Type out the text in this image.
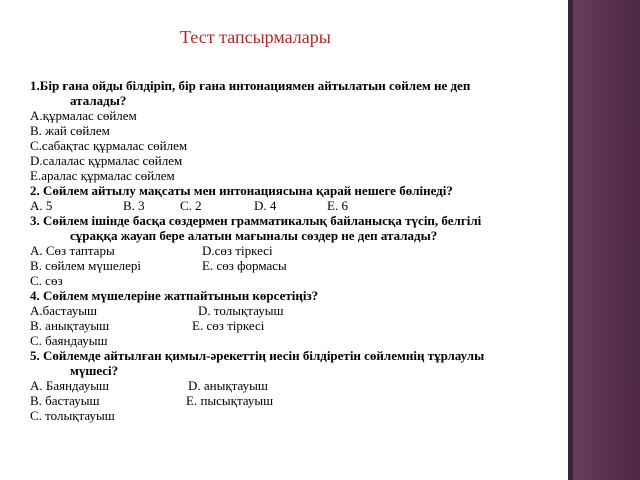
Тест тапсырмалары
1.Бір ғана ойды білдіріп, бір ғана интонациямен айтылатын сөйлем не деп
аталады?
А.құрмалас сөйлем
В. жай сөйлем
С.сабақтас құрмалас сөйлем
D.салалас құрмалас сөйлем
Е.аралас құрмалас сөйлем
2. Сөйлем айтылу мақсаты мен интонациясына қарай нешеге бөлінеді?
А. 5	В. 3	С. 2	D. 4	Е. 6
3. Сөйлем ішінде басқа сөздермен грамматикалық байланысқа түсіп, белгілі
сұраққа жауап бере алатын мағыналы сөздер не деп аталады?
А. Сөз таптары	D.сөз тіркесі
В. сөйлем мүшелері	Е. сөз формасы
С. сөз
4. Сөйлем мүшелеріне жатпайтынын көрсетіңіз?
А.бастауыш	D. толықтауыш
В. анықтауыш	Е. сөз тіркесі
С. баяндауыш
5. Сөйлемде айтылған қимыл-әрекеттің иесін білдіретін сөйлемнің тұрлаулы
мүшесі?
А. Баяндауыш	D. анықтауыш
В. бастауыш	Е. пысықтауыш
С. толықтауыш
